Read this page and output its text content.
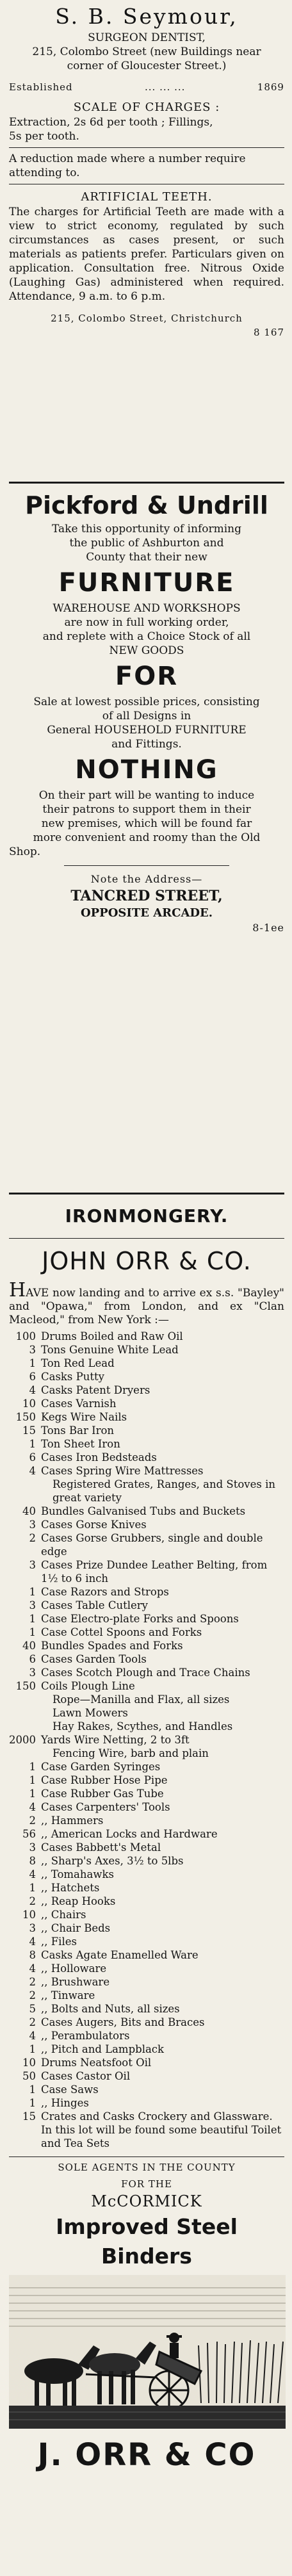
S. B. Seymour,

SURGEON DENTIST,

215, Colombo Street (new Buildings near

corner of Gloucester Street.)

Established	... ... ...	1869

SCALE OF CHARGES :

Extraction, 2s 6d per tooth ; Fillings,

5s per tooth.

A reduction made where a number require

attending to.

ARTIFICIAL TEETH.

The charges for Artificial Teeth are made with a view to strict economy, regulated by such circumstances as cases present, or such materials as patients prefer. Particulars given on application. Consultation free. Nitrous Oxide (Laughing Gas) administered when required. Attendance, 9 a.m. to 6 p.m.

215, Colombo Street, Christchurch

8 167

Pickford & Undrill

Take this opportunity of informing

the public of Ashburton and

County that their new

FURNITURE

WAREHOUSE AND WORKSHOPS

are now in full working order,

and replete with a Choice Stock of all

NEW GOODS

FOR

Sale at lowest possible prices, consisting

of all Designs in

General HOUSEHOLD FURNITURE

and Fittings.

NOTHING

On their part will be wanting to induce

their patrons to support them in their

new premises, which will be found far

more convenient and roomy than the Old

Shop.

Note the Address—

TANCRED STREET,

OPPOSITE ARCADE.

8-1ee

IRONMONGERY.

JOHN ORR & CO.

HAVE now landing and to arrive ex s.s. "Bayley" and "Opawa," from London, and ex "Clan Macleod," from New York :—

100 Drums Boiled and Raw Oil
3 Tons Genuine White Lead
1 Ton Red Lead
6 Casks Putty
4 Casks Patent Dryers
10 Cases Varnish
150 Kegs Wire Nails
15 Tons Bar Iron
1 Ton Sheet Iron
6 Cases Iron Bedsteads
4 Cases Spring Wire Mattresses
Registered Grates, Ranges, and Stoves in great variety
40 Bundles Galvanised Tubs and Buckets
3 Cases Gorse Knives
2 Cases Gorse Grubbers, single and double edge
3 Cases Prize Dundee Leather Belting, from 1½ to 6 inch
1 Case Razors and Strops
3 Cases Table Cutlery
1 Case Electro-plate Forks and Spoons
1 Case Cottel Spoons and Forks
40 Bundles Spades and Forks
6 Cases Garden Tools
3 Cases Scotch Plough and Trace Chains
150 Coils Plough Line
Rope—Manilla and Flax, all sizes
Lawn Mowers
Hay Rakes, Scythes, and Handles
2000 Yards Wire Netting, 2 to 3ft
Fencing Wire, barb and plain
1 Case Garden Syringes
1 Case Rubber Hose Pipe
1 Case Rubber Gas Tube
4 Cases Carpenters' Tools
2 ,, Hammers
56 ,, American Locks and Hardware
3 Cases Babbett's Metal
8 ,, Sharp's Axes, 3½ to 5lbs
4 ,, Tomahawks
1 ,, Hatchets
2 ,, Reap Hooks
10 ,, Chairs
3 ,, Chair Beds
4 ,, Files
8 Casks Agate Enamelled Ware
4 ,, Holloware
2 ,, Brushware
2 ,, Tinware
5 ,, Bolts and Nuts, all sizes
2 Cases Augers, Bits and Braces
4 ,, Perambulators
1 ,, Pitch and Lampblack
10 Drums Neatsfoot Oil
50 Cases Castor Oil
1 Case Saws
1 ,, Hinges
15 Crates and Casks Crockery and Glassware. In this lot will be found some beautiful Toilet and Tea Sets

SOLE AGENTS IN THE COUNTY

FOR THE

McCORMICK

Improved Steel Binders

J. ORR & CO
